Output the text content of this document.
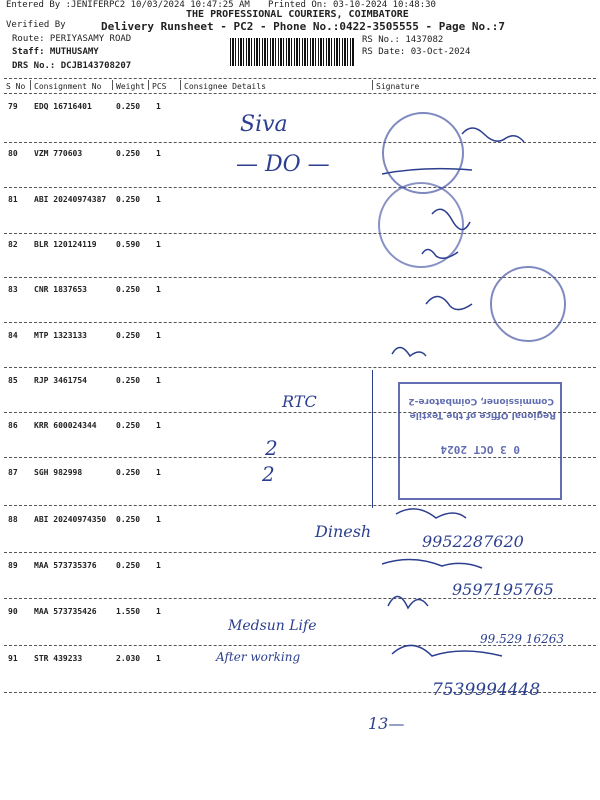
Entered By :JENIFERPC2 10/03/2024 10:47:25 AM Printed On: 03-10-2024 10:48:30
THE PROFESSIONAL COURIERS, COIMBATORE
Verified By	Delivery Runsheet - PC2 - Phone No.:0422-3505555 - Page No.:7
Route: PERIYASAMY ROAD
Staff: MUTHUSAMY
DRS No.: DCJB143708207
RS No.: 1437082
RS Date: 03-Oct-2024
S No Consignment No Weight PCS Consignee Details	Signature
79 EDQ 16716401	0.250 1
80 VZM 770603	0.250 1
81 ABI 20240974387 0.250 1
82 BLR 120124119 0.590 1
83 CNR 1837653	0.250 1
84 MTP 1323133	0.250 1
85 RJP 3461754	0.250 1
86 KRR 600024344 0.250 1
87 SGH 982998	0.250 1
88 ABI 20240974350 0.250 1
89 MAA 573735376 0.250 1
90 MAA 573735426 1.550 1
91 STR 439233	2.030 1
Siva
— DO —
RTC
2
2
Dinesh
9952287620
9597195765
Medsun Life
99.529 16263
After working
7539994448
13—
Regional Office of the Textile
Commissioner, Coimbatore-2
0 3 OCT 2024
